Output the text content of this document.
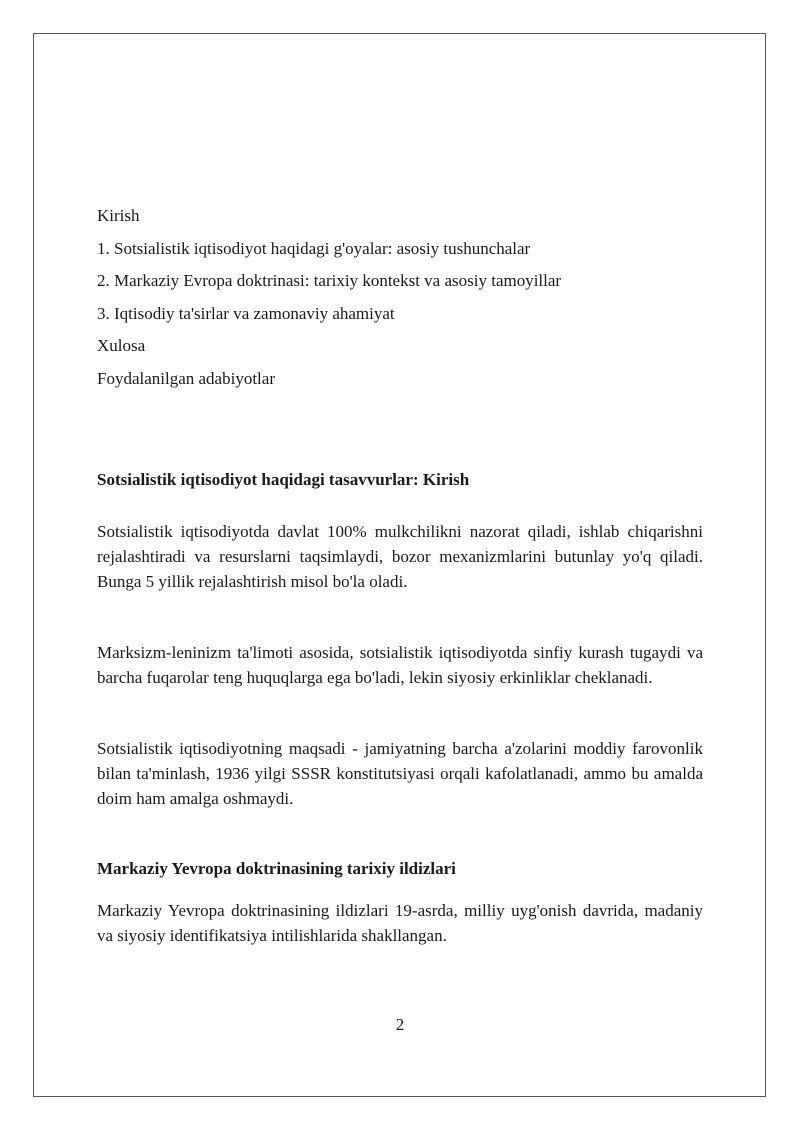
Kirish

1. Sotsialistik iqtisodiyot haqidagi g'oyalar: asosiy tushunchalar

2. Markaziy Evropa doktrinasi: tarixiy kontekst va asosiy tamoyillar

3. Iqtisodiy ta'sirlar va zamonaviy ahamiyat

Xulosa

Foydalanilgan adabiyotlar

Sotsialistik iqtisodiyot haqidagi tasavvurlar: Kirish

Sotsialistik iqtisodiyotda davlat 100% mulkchilikni nazorat qiladi, ishlab chiqarishni rejalashtiradi va resurslarni taqsimlaydi, bozor mexanizmlarini butunlay yo'q qiladi. Bunga 5 yillik rejalashtirish misol bo'la oladi.

Marksizm-leninizm ta'limoti asosida, sotsialistik iqtisodiyotda sinfiy kurash tugaydi va barcha fuqarolar teng huquqlarga ega bo'ladi, lekin siyosiy erkinliklar cheklanadi.

Sotsialistik iqtisodiyotning maqsadi - jamiyatning barcha a'zolarini moddiy farovonlik bilan ta'minlash, 1936 yilgi SSSR konstitutsiyasi orqali kafolatlanadi, ammo bu amalda doim ham amalga oshmaydi.

Markaziy Yevropa doktrinasining tarixiy ildizlari

Markaziy Yevropa doktrinasining ildizlari 19-asrda, milliy uyg'onish davrida, madaniy va siyosiy identifikatsiya intilishlarida shakllangan.

2
